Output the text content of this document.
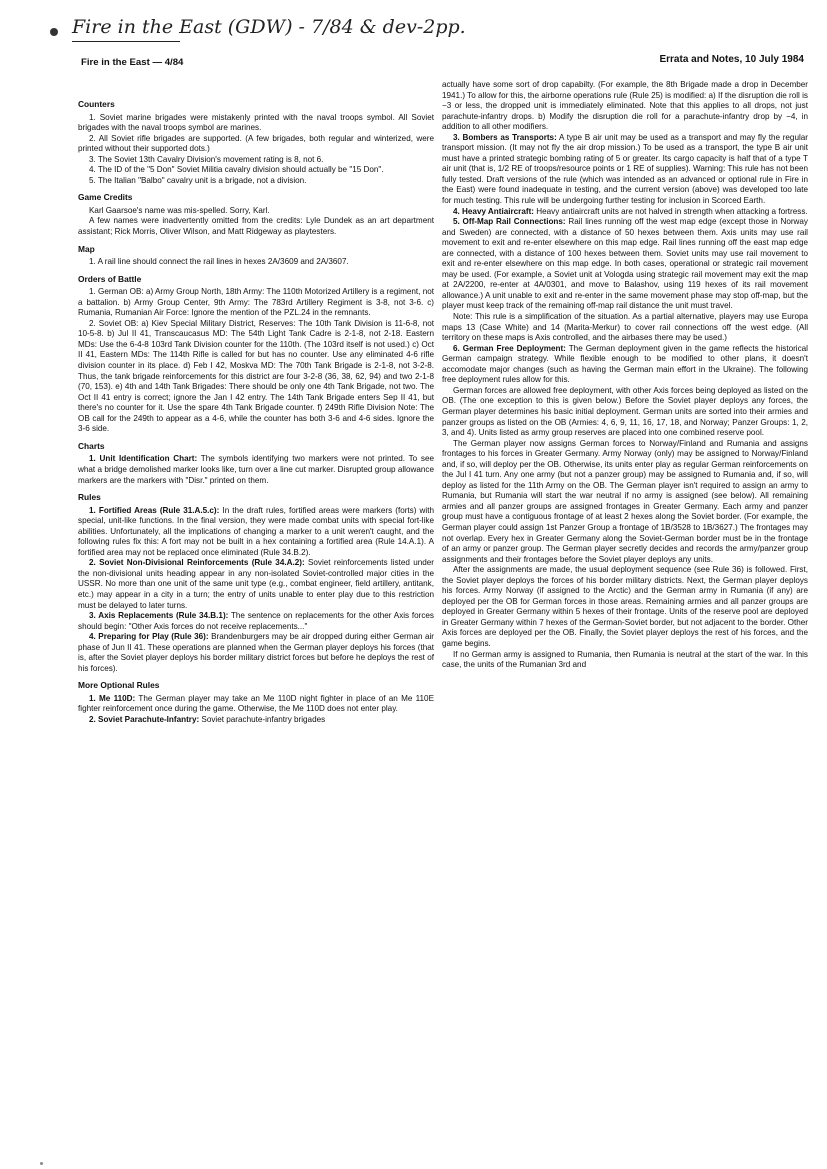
Fire in the East (GDW) - 7/84 & dev-2pp.
Fire in the East — 4/84	Errata and Notes, 10 July 1984
Counters

1. Soviet marine brigades were mistakenly printed with the naval troops symbol. All Soviet brigades with the naval troops symbol are marines.

2. All Soviet rifle brigades are supported. (A few brigades, both regular and winterized, were printed without their supported dots.)

3. The Soviet 13th Cavalry Division's movement rating is 8, not 6.

4. The ID of the "5 Don" Soviet Militia cavalry division should actually be "15 Don".

5. The Italian "Balbo" cavalry unit is a brigade, not a division.

Game Credits

Karl Gaarsoe's name was mis-spelled. Sorry, Karl.

A few names were inadvertently omitted from the credits: Lyle Dundek as an art department assistant; Rick Morris, Oliver Wilson, and Matt Ridgeway as playtesters.

Map

1. A rail line should connect the rail lines in hexes 2A/3609 and 2A/3607.

Orders of Battle

1. German OB: a) Army Group North, 18th Army: The 110th Motorized Artillery is a regiment, not a battalion. b) Army Group Center, 9th Army: The 783rd Artillery Regiment is 3-8, not 3-6. c) Rumania, Rumanian Air Force: Ignore the mention of the PZL.24 in the remnants.

2. Soviet OB: a) Kiev Special Military District, Reserves: The 10th Tank Division is 11-6-8, not 10-5-8. b) Jul II 41, Transcaucasus MD: The 54th Light Tank Cadre is 2-1-8, not 2-18. Eastern MDs: Use the 6-4-8 103rd Tank Division counter for the 110th. (The 103rd itself is not used.) c) Oct II 41, Eastern MDs: The 114th Rifle is called for but has no counter. Use any eliminated 4-6 rifle division counter in its place. d) Feb I 42, Moskva MD: The 70th Tank Brigade is 2-1-8, not 3-2-8. Thus, the tank brigade reinforcements for this district are four 3-2-8 (36, 38, 62, 94) and two 2-1-8 (70, 153). e) 4th and 14th Tank Brigades: There should be only one 4th Tank Brigade, not two. The Oct II 41 entry is correct; ignore the Jan I 42 entry. The 14th Tank Brigade enters Sep II 41, but there's no counter for it. Use the spare 4th Tank Brigade counter. f) 249th Rifle Division Note: The OB call for the 249th to appear as a 4-6, while the counter has both 3-6 and 4-6 sides. Ignore the 3-6 side.

Charts

1. Unit Identification Chart: The symbols identifying two markers were not printed. To see what a bridge demolished marker looks like, turn over a line cut marker. Disrupted group allowance markers are the markers with "Disr." printed on them.

Rules

1. Fortified Areas (Rule 31.A.5.c): In the draft rules, fortified areas were markers (forts) with special, unit-like functions. In the final version, they were made combat units with special fort-like abilities. Unfortunately, all the implications of changing a marker to a unit weren't caught, and the following rules fix this: A fort may not be built in a hex containing a fortified area (Rule 14.A.1). A fortified area may not be replaced once eliminated (Rule 34.B.2).

2. Soviet Non-Divisional Reinforcements (Rule 34.A.2): Soviet reinforcements listed under the non-divisional units heading appear in any non-isolated Soviet-controlled major cities in the USSR. No more than one unit of the same unit type (e.g., combat engineer, field artillery, antitank, etc.) may appear in a city in a turn; the entry of units unable to enter play due to this restriction must be delayed to later turns.

3. Axis Replacements (Rule 34.B.1): The sentence on replacements for the other Axis forces should begin: "Other Axis forces do not receive replacements..."

4. Preparing for Play (Rule 36): Brandenburgers may be air dropped during either German air phase of Jun II 41. These operations are planned when the German player deploys his forces (that is, after the Soviet player deploys his border military district forces but before he deploys the rest of his forces).

More Optional Rules

1. Me 110D: The German player may take an Me 110D night fighter in place of an Me 110E fighter reinforcement once during the game. Otherwise, the Me 110D does not enter play.

2. Soviet Parachute-Infantry: Soviet parachute-infantry brigades

actually have some sort of drop capabilty. (For example, the 8th Brigade made a drop in December 1941.) To allow for this, the airborne operations rule (Rule 25) is modified: a) If the disruption die roll is −3 or less, the dropped unit is immediately eliminated. Note that this applies to all drops, not just parachute-infantry drops. b) Modify the disruption die roll for a parachute-infantry drop by −4, in addition to all other modifiers.

3. Bombers as Transports: A type B air unit may be used as a transport and may fly the regular transport mission. (It may not fly the air drop mission.) To be used as a transport, the type B air unit must have a printed strategic bombing rating of 5 or greater. Its cargo capacity is half that of a type T air unit (that is, 1/2 RE of troops/resource points or 1 RE of supplies). Warning: This rule has not been fully tested. Draft versions of the rule (which was intended as an advanced or optional rule in Fire in the East) were found inadequate in testing, and the current version (above) was developed too late for much testing. This rule will be undergoing further testing for inclusion in Scorced Earth.

4. Heavy Antiaircraft: Heavy antiaircraft units are not halved in strength when attacking a fortress.

5. Off-Map Rail Connections: Rail lines running off the west map edge (except those in Norway and Sweden) are connected, with a distance of 50 hexes between them. Axis units may use rail movement to exit and re-enter elsewhere on this map edge. Rail lines running off the east map edge are connected, with a distance of 100 hexes between them. Soviet units may use rail movement to exit and re-enter elsewhere on this map edge. In both cases, operational or strategic rail movement may be used. (For example, a Soviet unit at Vologda using strategic rail movement may exit the map at 2A/2200, re-enter at 4A/0301, and move to Balashov, using 119 hexes of its rail movement allowance.) A unit unable to exit and re-enter in the same movement phase may stop off-map, but the player must keep track of the remaining off-map rail distance the unit must travel.

Note: This rule is a simplification of the situation. As a partial alternative, players may use Europa maps 13 (Case White) and 14 (Marita-Merkur) to cover rail connections off the west edge. (All territory on these maps is Axis controlled, and the airbases there may be used.)

6. German Free Deployment: The German deployment given in the game reflects the historical German campaign strategy. While flexible enough to be modified to other plans, it doesn't accomodate major changes (such as having the German main effort in the Ukraine). The following free deployment rules allow for this.

German forces are allowed free deployment, with other Axis forces being deployed as listed on the OB. (The one exception to this is given below.) Before the Soviet player deploys any forces, the German player determines his basic initial deployment. German units are sorted into their armies and panzer groups as listed on the OB (Armies: 4, 6, 9, 11, 16, 17, 18, and Norway; Panzer Groups: 1, 2, 3, and 4). Units listed as army group reserves are placed into one combined reserve pool.

The German player now assigns German forces to Norway/Finland and Rumania and assigns frontages to his forces in Greater Germany. Army Norway (only) may be assigned to Norway/Finland and, if so, will deploy per the OB. Otherwise, its units enter play as regular German reinforcements on the Jul I 41 turn. Any one army (but not a panzer group) may be assigned to Rumania and, if so, will deploy as listed for the 11th Army on the OB. The German player isn't required to assign an army to Rumania, but Rumania will start the war neutral if no army is assigned (see below). All remaining armies and all panzer groups are assigned frontages in Greater Germany. Each army and panzer group must have a contiguous frontage of at least 2 hexes along the Soviet border. (For example, the German player could assign 1st Panzer Group a frontage of 1B/3528 to 1B/3627.) The frontages may not overlap. Every hex in Greater Germany along the Soviet-German border must be in the frontage of an army or panzer group. The German player secretly decides and records the army/panzer group assignments and their frontages before the Soviet player deploys any units.

After the assignments are made, the usual deployment sequence (see Rule 36) is followed. First, the Soviet player deploys the forces of his border military districts. Next, the German player deploys his forces. Army Norway (if assigned to the Arctic) and the German army in Rumania (if any) are deployed per the OB for German forces in those areas. Remaining armies and all panzer groups are deployed in Greater Germany within 5 hexes of their frontage. Units of the reserve pool are deployed in Greater Germany within 7 hexes of the German-Soviet border, but not adjacent to the border. Other Axis forces are deployed per the OB. Finally, the Soviet player deploys the rest of his forces, and the game begins.

If no German army is assigned to Rumania, then Rumania is neutral at the start of the war. In this case, the units of the Rumanian 3rd and
